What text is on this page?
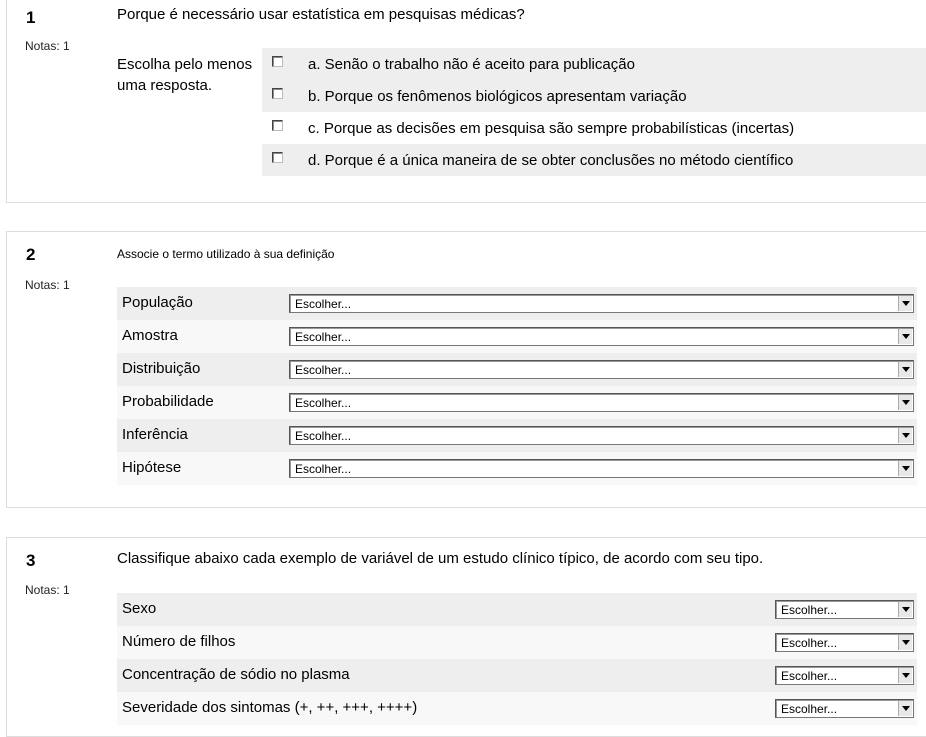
1
Notas: 1
Porque é necessário usar estatística em pesquisas médicas?
Escolha pelo menos uma resposta.
a. Senão o trabalho não é aceito para publicação
b. Porque os fenômenos biológicos apresentam variação
c. Porque as decisões em pesquisa são sempre probabilísticas (incertas)
d. Porque é a única maneira de se obter conclusões no método científico
2
Notas: 1
Associe o termo utilizado à sua definição
População	Escolher...
Amostra	Escolher...
Distribuição	Escolher...
Probabilidade	Escolher...
Inferência	Escolher...
Hipótese	Escolher...
3
Notas: 1
Classifique abaixo cada exemplo de variável de um estudo clínico típico, de acordo com seu tipo.
Sexo	Escolher...
Número de filhos	Escolher...
Concentração de sódio no plasma	Escolher...
Severidade dos sintomas (+, ++, +++, ++++)	Escolher...
